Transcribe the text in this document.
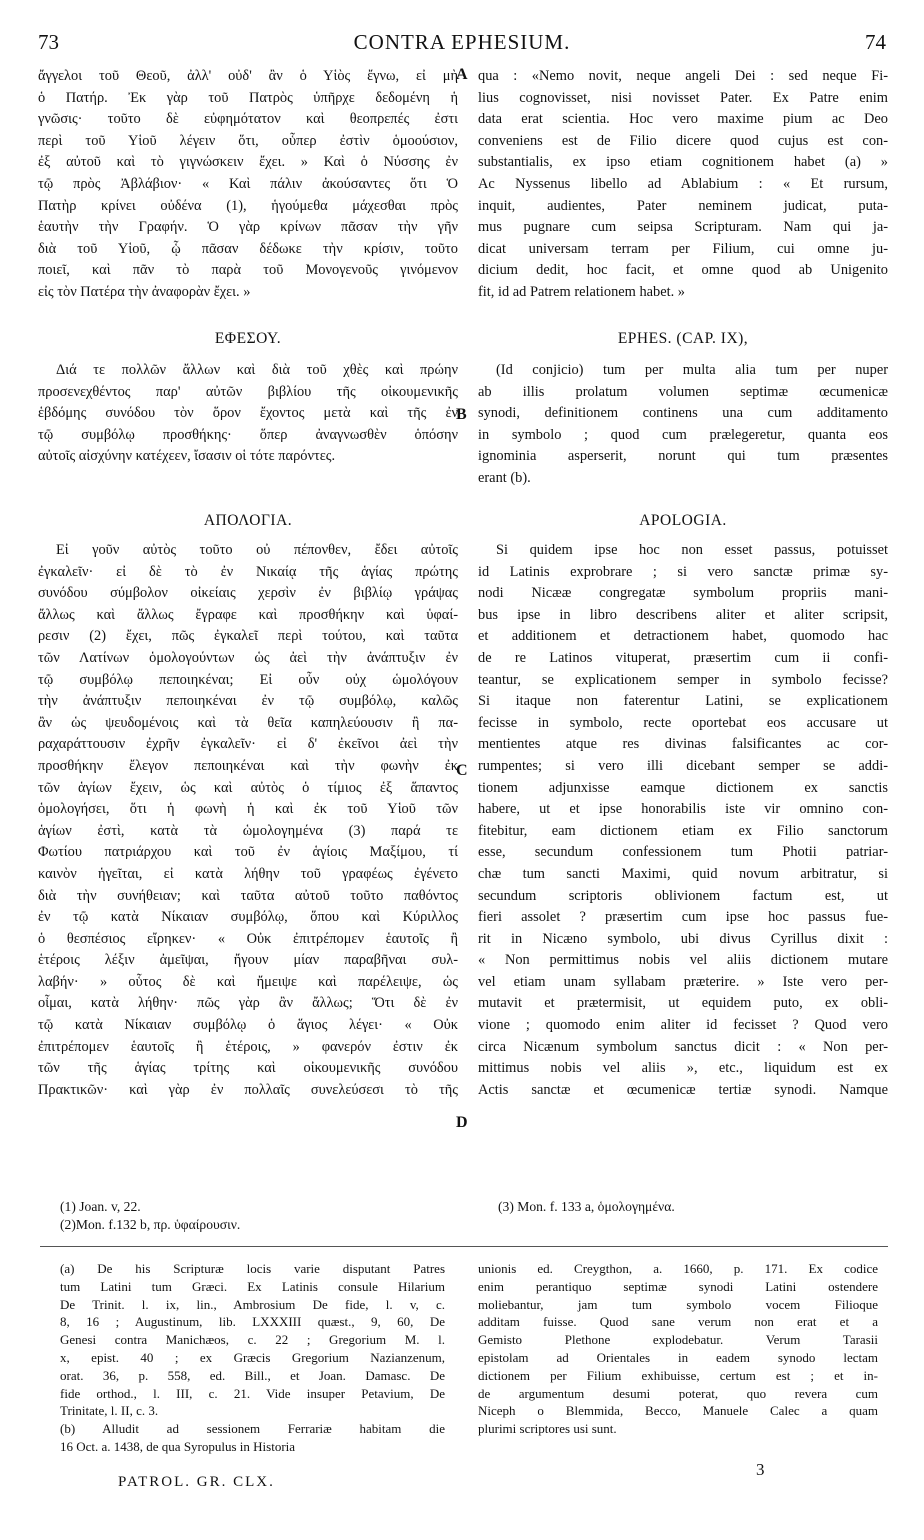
73	CONTRA EPHESIUM.	74
ἄγγελοι τοῦ Θεοῦ, ἀλλ' οὐδ' ἂν ὁ Υἱὸς ἔγνω, εἰ μὴ
ὁ Πατήρ. Ἐκ γὰρ τοῦ Πατρὸς ὑπῆρχε δεδομένη ἡ
γνῶσις· τοῦτο δὲ εὐφημότατον καὶ θεοπρεπές ἐστι
περὶ τοῦ Υἱοῦ λέγειν ὅτι, οὗπερ ἐστὶν ὁμοούσιον,
ἐξ αὐτοῦ καὶ τὸ γιγνώσκειν ἔχει. » Καὶ ὁ Νύσσης ἐν
τῷ πρὸς Ἀβλάβιον· « Καὶ πάλιν ἀκούσαντες ὅτι Ὁ
Πατὴρ κρίνει οὐδένα (1), ἡγούμεθα μάχεσθαι πρὸς
ἑαυτὴν τὴν Γραφήν. Ὁ γὰρ κρίνων πᾶσαν τὴν γῆν
διὰ τοῦ Υἱοῦ, ᾧ πᾶσαν δέδωκε τὴν κρίσιν, τοῦτο
ποιεῖ, καὶ πᾶν τὸ παρὰ τοῦ Μονογενοῦς γινόμενον
εἰς τὸν Πατέρα τὴν ἀναφορὰν ἔχει. »
qua : «Nemo novit, neque angeli Dei : sed neque Fi-
lius cognovisset, nisi novisset Pater. Ex Patre enim
data erat scientia. Hoc vero maxime pium ac Deo
conveniens est de Filio dicere quod cujus est con-
substantialis, ex ipso etiam cognitionem habet (a) »
Ac Nyssenus libello ad Ablabium : « Et rursum,
inquit, audientes, Pater neminem judicat, puta-
mus pugnare cum seipsa Scripturam. Nam qui ja-
dicat universam terram per Filium, cui omne ju-
dicium dedit, hoc facit, et omne quod ab Unigenito
fit, id ad Patrem relationem habet. »
A
ΕΦΕΣΟΥ.	EPHES. (CAP. IX),
Διά τε πολλῶν ἄλλων καὶ διὰ τοῦ χθὲς καὶ πρώην
προσενεχθέντος παρ' αὐτῶν βιβλίου τῆς οἰκουμενικῆς
ἑβδόμης συνόδου τὸν ὅρον ἔχοντος μετὰ καὶ τῆς ἐν
τῷ συμβόλῳ προσθήκης· ὅπερ ἀναγνωσθὲν ὁπόσην
αὐτοῖς αἰσχύνην κατέχεεν, ἴσασιν οἱ τότε παρόντες.
(Id conjicio) tum per multa alia tum per nuper
ab illis prolatum volumen septimæ œcumenicæ
synodi, definitionem continens una cum additamento
in symbolo ; quod cum prælegeretur, quanta eos
ignominia asperserit, norunt qui tum præsentes
erant (b).
B
ΑΠΟΛΟΓΙΑ.	APOLOGIA.
Εἰ γοῦν αὐτὸς τοῦτο οὐ πέπονθεν, ἔδει αὐτοῖς
ἐγκαλεῖν· εἰ δὲ τὸ ἐν Νικαίᾳ τῆς ἁγίας πρώτης
συνόδου σύμβολον οἰκείαις χερσὶν ἐν βιβλίῳ γράψας
ἄλλως καὶ ἄλλως ἔγραφε καὶ προσθήκην καὶ ὑφαί-
ρεσιν (2) ἔχει, πῶς ἐγκαλεῖ περὶ τούτου, καὶ ταῦτα
τῶν Λατίνων ὁμολογούντων ὡς ἀεὶ τὴν ἀνάπτυξιν ἐν
τῷ συμβόλῳ πεποιηκέναι; Εἰ οὖν οὐχ ὡμολόγουν
τὴν ἀνάπτυξιν πεποιηκέναι ἐν τῷ συμβόλῳ, καλῶς
ἂν ὡς ψευδομένοις καὶ τὰ θεῖα καπηλεύουσιν ἢ πα-
ραχαράττουσιν ἐχρῆν ἐγκαλεῖν· εἰ δ' ἐκεῖνοι ἀεὶ τὴν
προσθήκην ἔλεγον πεποιηκέναι καὶ τὴν φωνὴν ἐκ
τῶν ἁγίων ἔχειν, ὡς καὶ αὐτὸς ὁ τίμιος ἐξ ἅπαντος
ὁμολογήσει, ὅτι ἡ φωνὴ ἡ καὶ ἐκ τοῦ Υἱοῦ τῶν
ἁγίων ἐστὶ, κατὰ τὰ ὡμολογημένα (3) παρά τε
Φωτίου πατριάρχου καὶ τοῦ ἐν ἁγίοις Μαξίμου, τί
καινὸν ἡγεῖται, εἰ κατὰ λήθην τοῦ γραφέως ἐγένετο
διὰ τὴν συνήθειαν; καὶ ταῦτα αὐτοῦ τοῦτο παθόντος
ἐν τῷ κατὰ Νίκαιαν συμβόλῳ, ὅπου καὶ Κύριλλος
ὁ θεσπέσιος εἴρηκεν· « Οὐκ ἐπιτρέπομεν ἑαυτοῖς ἢ
ἑτέροις λέξιν ἀμεῖψαι, ἤγουν μίαν παραβῆναι συλ-
λαβήν· » οὗτος δὲ καὶ ἤμειψε καὶ παρέλειψε, ὡς
οἶμαι, κατὰ λήθην· πῶς γὰρ ἂν ἄλλως; Ὅτι δὲ ἐν
τῷ κατὰ Νίκαιαν συμβόλῳ ὁ ἅγιος λέγει· « Οὐκ
ἐπιτρέπομεν ἑαυτοῖς ἢ ἑτέροις, » φανερόν ἐστιν ἐκ
τῶν τῆς ἁγίας τρίτης καὶ οἰκουμενικῆς συνόδου
Πρακτικῶν· καὶ γὰρ ἐν πολλαῖς συνελεύσεσι τὸ τῆς
Si quidem ipse hoc non esset passus, potuisset
id Latinis exprobrare ; si vero sanctæ primæ sy-
nodi Nicææ congregatæ symbolum propriis mani-
bus ipse in libro describens aliter et aliter scripsit,
et additionem et detractionem habet, quomodo hac
de re Latinos vituperat, præsertim cum ii confi-
teantur, se explicationem semper in symbolo fecisse?
Si itaque non faterentur Latini, se explicationem
fecisse in symbolo, recte oportebat eos accusare ut
mentientes atque res divinas falsificantes ac cor-
rumpentes; si vero illi dicebant semper se addi-
tionem adjunxisse eamque dictionem ex sanctis
habere, ut et ipse honorabilis iste vir omnino con-
fitebitur, eam dictionem etiam ex Filio sanctorum
esse, secundum confessionem tum Photii patriar-
chæ tum sancti Maximi, quid novum arbitratur, si
secundum scriptoris oblivionem factum est, ut
fieri assolet ? præsertim cum ipse hoc passus fue-
rit in Nicæno symbolo, ubi divus Cyrillus dixit :
« Non permittimus nobis vel aliis dictionem mutare
vel etiam unam syllabam præterire. » Iste vero per-
mutavit et prætermisit, ut equidem puto, ex obli-
vione ; quomodo enim aliter id fecisset ? Quod vero
circa Nicænum symbolum sanctus dicit : « Non per-
mittimus nobis vel aliis », etc., liquidum est ex
Actis sanctæ et œcumenicæ tertiæ synodi. Namque
C
D
(1) Joan. v, 22.
(2)Mon. f.132 b, πρ. ὑφαίρουσιν.
(3) Mon. f. 133 a, ὁμολογημένα.
(a) De his Scripturæ locis varie disputant Patres
tum Latini tum Græci. Ex Latinis consule Hilarium
De Trinit. l. ix, lin., Ambrosium De fide, l. v, c.
8, 16 ; Augustinum, lib. LXXXIII quæst., 9, 60, De
Genesi contra Manichæos, c. 22 ; Gregorium M. l.
x, epist. 40 ; ex Græcis Gregorium Nazianzenum,
orat. 36, p. 558, ed. Bill., et Joan. Damasc. De
fide orthod., l. III, c. 21. Vide insuper Petavium, De
Trinitate, l. II, c. 3.
(b) Alludit ad sessionem Ferrariæ habitam die
16 Oct. a. 1438, de qua Syropulus in Historia
unionis ed. Creygthon, a. 1660, p. 171. Ex codice
enim perantiquo septimæ synodi Latini ostendere
moliebantur, jam tum symbolo vocem Filioque
additam fuisse. Quod sane verum non erat et a
Gemisto Plethone explodebatur. Verum Tarasii
epistolam ad Orientales in eadem synodo lectam
dictionem per Filium exhibuisse, certum est ; et in-
de argumentum desumi poterat, quo revera cum
Niceph o Blemmida, Becco, Manuele Calec a quam
plurimi scriptores usi sunt.
PATROL. GR. CLX.
3
